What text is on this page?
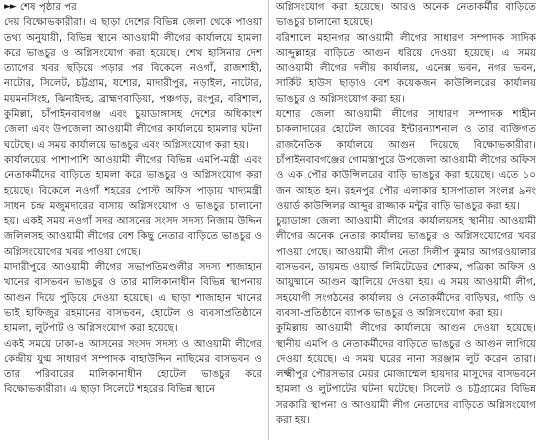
►► শেষ পৃষ্ঠার পর

দেয় বিক্ষোভকারীরা। এ ছাড়া দেশের বিভিন্ন জেলা থেকে পাওয়া তথ্য অনুযায়ী, বিভিন্ন স্থানে আওয়ামী লীগের কার্যালয়ে হামলা করে ভাঙচুর ও অগ্নিসংযোগ করা হয়েছে। শেখ হাসিনার দেশ ত্যাগের খবর ছড়িয়ে পড়ার পর বিকেলে নওগাঁ, রাজশাহী, নাটোর, সিলেট, চট্টগ্রাম, যশোর, মাদারীপুর, নড়াইল, নাটোর, ময়মনসিংহ, ঝিনাইদহ, ব্রাহ্মণবাড়িয়া, পঞ্চগড়, রংপুর, বরিশাল, কুমিল্লা, চাঁপাইনবাবগঞ্জ এবং চুয়াডাঙ্গাসহ দেশের অধিকাংশ জেলা এবং উপজেলা আওয়ামী লীগের কার্যালয়ে হামলার ঘটনা ঘটেছে। এ সময় কার্যালয়ে ভাঙচুর এবং অগ্নিসংযোগ করা হয়।

কার্যালয়ের পাশাপাশি আওয়ামী লীগের বিভিন্ন এমপি-মন্ত্রী এবং নেতাকর্মীদের বাড়িতে হামলা করে ভাঙচুর ও অগ্নিসংযোগ করা হয়েছে। বিকেলে নওগাঁ শহরের পোস্ট অফিস পাড়ায় খাদ্যমন্ত্রী সাধন চন্দ্র মজুমদারের বাসায় অগ্নিসংযোগ ও ভাঙচুর চালানো হয়। একই সময় নওগাঁ সদর আসনের সংসদ সদস্য নিজাম উদ্দিন জলিলসহ আওয়ামী লীগের বেশ কিছু নেতার বাড়িতে ভাঙচুর ও অগ্নিসংযোগের খবর পাওয়া গেছে।

মাদারীপুরে আওয়ামী লীগের সভাপতিমণ্ডলীর সদস্য শাজাহান খানের বাসভবন ভাঙচুর ও তার মালিকানাধীন বিভিন্ন স্থাপনায় আগুন দিয়ে পুড়িয়ে দেওয়া হয়েছে। এ ছাড়া শাজাহান খানের ভাই হাফিজুর রহমানের বাসভবন, হোটেল ও ব্যবসাপ্রতিষ্ঠানে হামলা, লুটপাট ও অগ্নিসংযোগ করা হয়েছে।

একই সময়ে ঢাকা-৪ আসনের সংসদ সদস্য ও আওয়ামী লীগের কেন্দ্রীয় যুগ্ম সাধারণ সম্পাদক বাহাউদ্দিন নাছিমের বাসভবন ও তার পরিবারের মালিকানাধীন হোটেল ভাঙচুর করে বিক্ষোভকারীরা। এ ছাড়া সিলেটে শহরের বিভিন্ন স্থানে

অগ্নিসংযোগ করা হয়েছে। আরও অনেক নেতাকর্মীর বাড়িতে ভাঙচুর চালানো হয়েছে।

বরিশালে মহানগর আওয়ামী লীগের সাধারণ সম্পাদক সাদিক আব্দুল্লাহর বাড়িতে আগুন ধরিয়ে দেওয়া হয়েছে। এ সময় আওয়ামী লীগের দলীয় কার্যালয়, এনেক্স ভবন, নগর ভবন, সার্কিট হাউস ছাড়াও বেশ কয়েকজন কাউন্সিলরের কার্যালয় ভাঙচুর ও অগ্নিসংযোগ করা হয়।

যশোর জেলা আওয়ামী লীগের সাধারণ সম্পাদক শাহীন চাকলাদারের হোটেল জাবের ইন্টারন্যাশনাল ও তার ব্যক্তিগত রাজনৈতিক কার্যালয়ে আগুন দিয়েছে বিক্ষোভকারীরা। চাঁপাইনবাবগঞ্জের গোমস্তাপুরে উপজেলা আওয়ামী লীগের অফিস ও এক পৌর কাউন্সিলরের বাড়ি ভাঙচুর করা হয়েছে। এতে ১০ জন আহত হন। রহনপুর পৌর এলাকার হাসপাতাল সংলগ্ন ৯নং ওয়ার্ড কাউন্সিলর আব্দুর রাজ্জাক মন্টুর বাড়ি ভাঙচুর করা হয়।

চুয়াডাঙ্গা জেলা আওয়ামী লীগের কার্যালয়সহ স্থানীয় আওয়ামী লীগের অনেক নেতার কার্যালয় ভাঙচুর ও অগ্নিসংযোগের খবর পাওয়া গেছে। আওয়ামী লীগ নেতা দিলীপ কুমার আগরওয়ালার বাসভবন, ডায়মন্ড ওয়ার্ল্ড লিমিটেডের শোরুম, পত্রিকা অফিস ও আয়ুষ্মানে আগুন জ্বালিয়ে দেওয়া হয়। এ সময় আওয়ামী লীগ, সহযোগী সংগঠনের কার্যালয় ও নেতাকর্মীদের বাড়িঘর, গাড়ি ও ব্যবসা-প্রতিষ্ঠানে ব্যাপক ভাঙচুর ও অগ্নিসংযোগ করা হয়।

কুমিল্লায় আওয়ামী লীগের কার্যালয়ে আগুন দেওয়া হয়েছে। স্থানীয় এমপি ও নেতাকর্মীদের বাড়িতে ভাঙচুর ও আগুন লাগিয়ে দেওয়া হয়েছে। এ সময় ঘরের নানা সরঞ্জাম লুট করেন তারা। লক্ষ্মীপুর পৌরসভার মেয়র মোজাম্মেল হায়দার মাসুদের বাসভবনে হামলা ও লুটপাটের ঘটনা ঘটেছে। সিলেট ও চট্টগ্রামের বিভিন্ন সরকারি স্থাপনা ও আওয়ামী লীগ নেতাদের বাড়িতে অগ্নিসংযোগ করা হয়।
